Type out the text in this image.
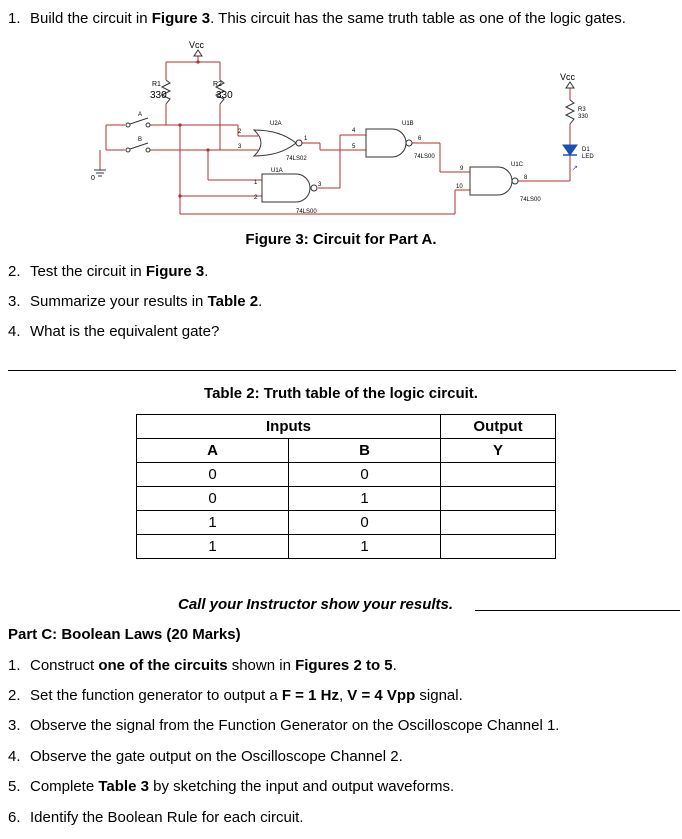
1. Build the circuit in Figure 3. This circuit has the same truth table as one of the logic gates.
↗
Vcc
Vcc
R1
330
R2
330
R3
330
D1
LED
A
B
0
U2A
74LS02
U1A
74LS00
U1B
74LS00
U1C
74LS00
2
3
1
1
2
3
4
5
6
9
10
8
Figure 3: Circuit for Part A.
2. Test the circuit in Figure 3.
3. Summarize your results in Table 2.
4. What is the equivalent gate?
Table 2: Truth table of the logic circuit.
Inputs		Output
A	B	Y
0	0	
0	1	
1	0	
1	1	
Call your Instructor show your results.
Part C: Boolean Laws (20 Marks)
1. Construct one of the circuits shown in Figures 2 to 5.
2. Set the function generator to output a F = 1 Hz, V = 4 Vpp signal.
3. Observe the signal from the Function Generator on the Oscilloscope Channel 1.
4. Observe the gate output on the Oscilloscope Channel 2.
5. Complete Table 3 by sketching the input and output waveforms.
6. Identify the Boolean Rule for each circuit.
